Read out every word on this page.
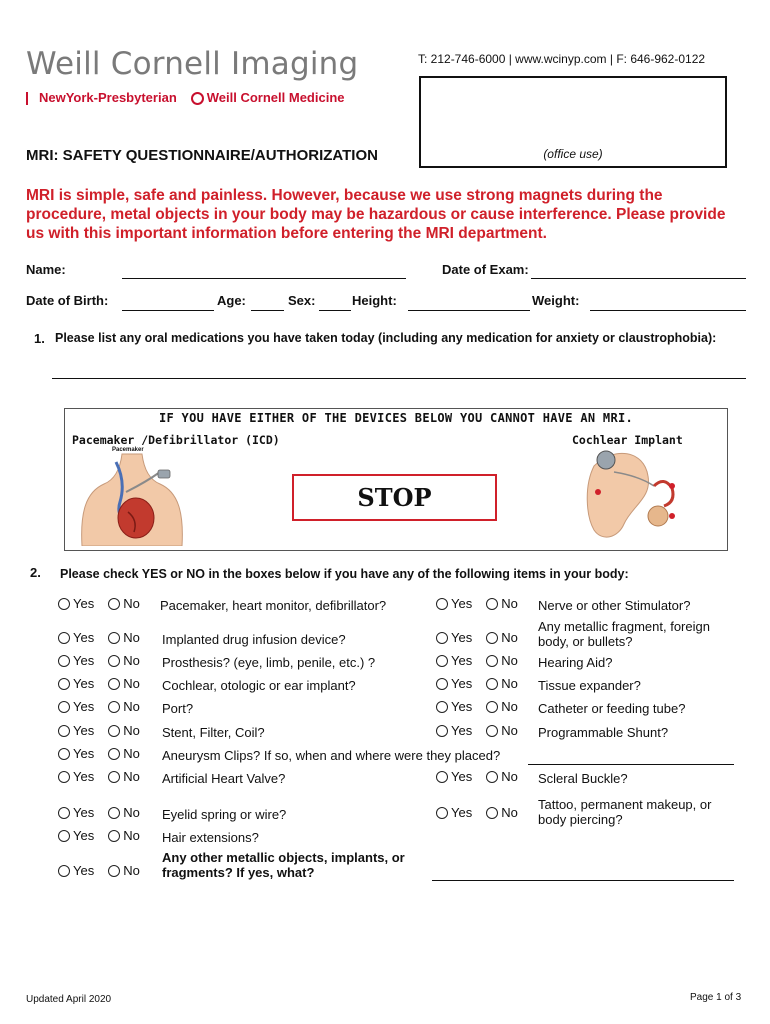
Weill Cornell Imaging
NewYork-Presbyterian	Weill Cornell Medicine
T: 212-746-6000 | www.wcinyp.com | F: 646-962-0122
(office use)
MRI: SAFETY QUESTIONNAIRE/AUTHORIZATION
MRI is simple, safe and painless. However, because we use strong magnets during the procedure, metal objects in your body may be hazardous or cause interference. Please provide us with this important information before entering the MRI department.
Name:	Date of Exam:
Date of Birth:	Age:	Sex:	Height:	Weight:
1. Please list any oral medications you have taken today (including any medication for anxiety or claustrophobia):
IF YOU HAVE EITHER OF THE DEVICES BELOW YOU CANNOT HAVE AN MRI.
Pacemaker /Defibrillator (ICD)	Cochlear Implant
Pacemaker
STOP
2. Please check YES or NO in the boxes below if you have any of the following items in your body:
Yes No Pacemaker, heart monitor, defibrillator?
Yes No Implanted drug infusion device?
Yes No Prosthesis? (eye, limb, penile, etc.) ?
Yes No Cochlear, otologic or ear implant?
Yes No Port?
Yes No Stent, Filter, Coil?
Yes No Aneurysm Clips? If so, when and where were they placed?
Yes No Artificial Heart Valve?
Yes No Eyelid spring or wire?
Yes No Hair extensions?
Yes No
Any other metallic objects, implants, or fragments? If yes, what?
Yes No Nerve or other Stimulator?
Yes No
Any metallic fragment, foreign body, or bullets?
Yes No Hearing Aid?
Yes No Tissue expander?
Yes No Catheter or feeding tube?
Yes No Programmable Shunt?
Yes No Scleral Buckle?
Yes No
Tattoo, permanent makeup, or body piercing?
Updated April 2020	Page 1 of 3
